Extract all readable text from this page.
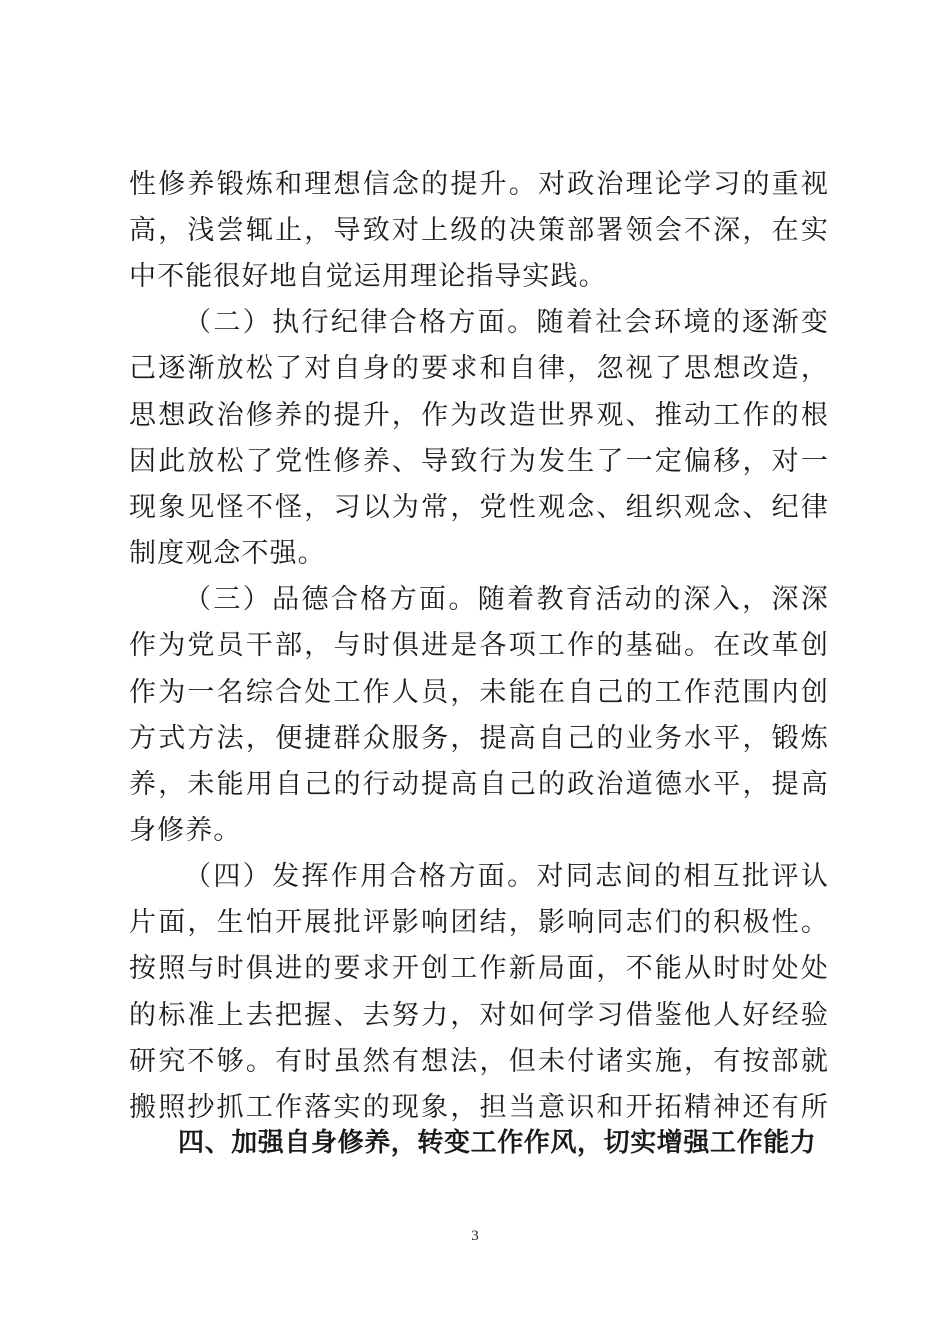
性修养锻炼和理想信念的提升。对政治理论学习的重视
高，浅尝辄止，导致对上级的决策部署领会不深，在实
中不能很好地自觉运用理论指导实践。
（二）执行纪律合格方面。随着社会环境的逐渐变
己逐渐放松了对自身的要求和自律，忽视了思想改造，
思想政治修养的提升，作为改造世界观、推动工作的根
因此放松了党性修养、导致行为发生了一定偏移，对一
现象见怪不怪，习以为常，党性观念、组织观念、纪律
制度观念不强。
（三）品德合格方面。随着教育活动的深入，深深
作为党员干部，与时俱进是各项工作的基础。在改革创
作为一名综合处工作人员，未能在自己的工作范围内创
方式方法，便捷群众服务，提高自己的业务水平，锻炼
养，未能用自己的行动提高自己的政治道德水平，提高
身修养。
（四）发挥作用合格方面。对同志间的相互批评认
片面，生怕开展批评影响团结，影响同志们的积极性。
按照与时俱进的要求开创工作新局面，不能从时时处处
的标准上去把握、去努力，对如何学习借鉴他人好经验
研究不够。有时虽然有想法，但未付诸实施，有按部就
搬照抄抓工作落实的现象，担当意识和开拓精神还有所
四、加强自身修养，转变工作作风，切实增强工作能力
3
